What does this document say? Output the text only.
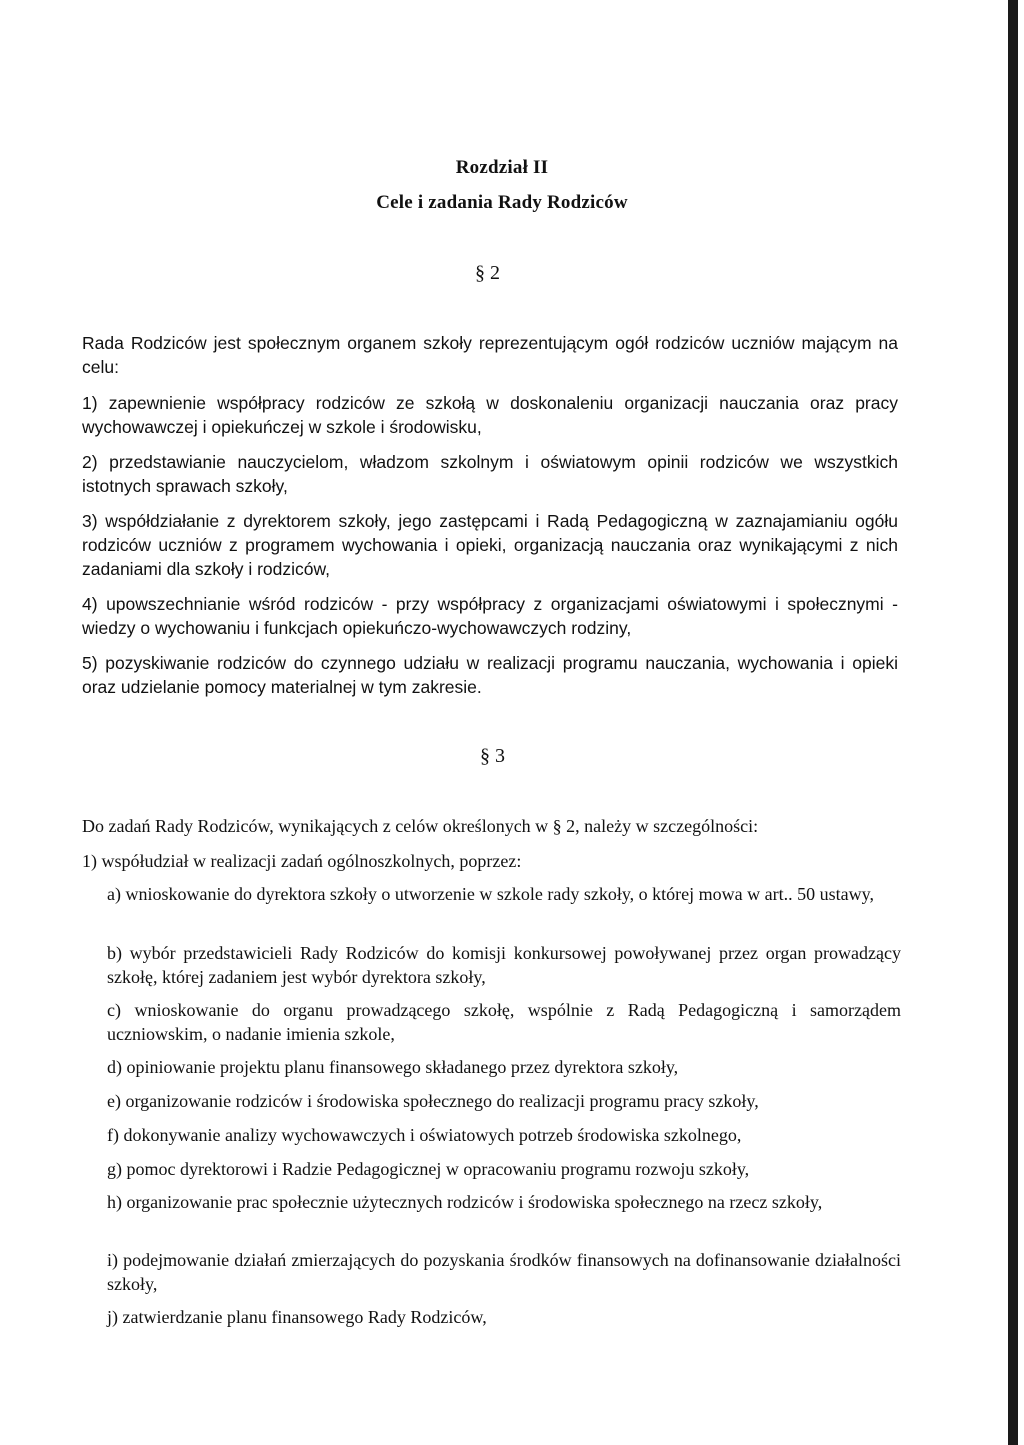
Rozdział II
Cele i zadania Rady Rodziców
§ 2
Rada Rodziców jest społecznym organem szkoły reprezentującym ogół rodziców uczniów mającym na celu:
1) zapewnienie współpracy rodziców ze szkołą w doskonaleniu organizacji nauczania oraz pracy wychowawczej i opiekuńczej w szkole i środowisku,
2) przedstawianie nauczycielom, władzom szkolnym i oświatowym opinii rodziców we wszystkich istotnych sprawach szkoły,
3) współdziałanie z dyrektorem szkoły, jego zastępcami i Radą Pedagogiczną w zaznajamianiu ogółu rodziców uczniów z programem wychowania i opieki, organizacją nauczania oraz wynikającymi z nich zadaniami dla szkoły i rodziców,
4) upowszechnianie wśród rodziców - przy współpracy z organizacjami oświatowymi i społecznymi - wiedzy o wychowaniu i funkcjach opiekuńczo-wychowawczych rodziny,
5) pozyskiwanie rodziców do czynnego udziału w realizacji programu nauczania, wychowania i opieki oraz udzielanie pomocy materialnej w tym zakresie.
§ 3
Do zadań Rady Rodziców, wynikających z celów określonych w § 2, należy w szczególności:
1) współudział w realizacji zadań ogólnoszkolnych, poprzez:
a) wnioskowanie do dyrektora szkoły o utworzenie w szkole rady szkoły, o której mowa w art.. 50 ustawy,
b) wybór przedstawicieli Rady Rodziców do komisji konkursowej powoływanej przez organ prowadzący szkołę, której zadaniem jest wybór dyrektora szkoły,
c) wnioskowanie do organu prowadzącego szkołę, wspólnie z Radą Pedagogiczną i samorządem uczniowskim, o nadanie imienia szkole,
d) opiniowanie projektu planu finansowego składanego przez dyrektora szkoły,
e) organizowanie rodziców i środowiska społecznego do realizacji programu pracy szkoły,
f) dokonywanie analizy wychowawczych i oświatowych potrzeb środowiska szkolnego,
g) pomoc dyrektorowi i Radzie Pedagogicznej w opracowaniu programu rozwoju szkoły,
h) organizowanie prac społecznie użytecznych rodziców i środowiska społecznego na rzecz szkoły,
i) podejmowanie działań zmierzających do pozyskania środków finansowych na dofinansowanie działalności szkoły,
j) zatwierdzanie planu finansowego Rady Rodziców,
